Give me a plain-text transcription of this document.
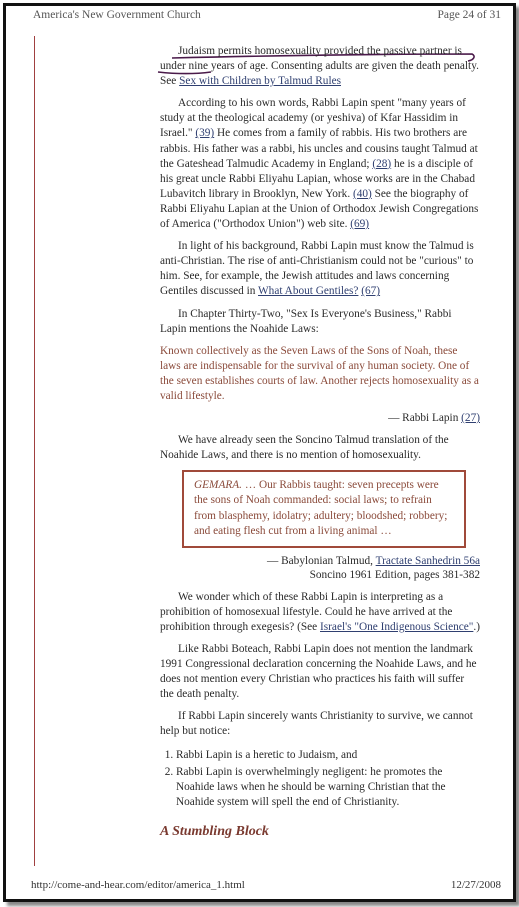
America's New Government Church	Page 24 of 31

Judaism permits homosexuality provided the passive partner is under nine years of age. Consenting adults are given the death penalty. See Sex with Children by Talmud Rules

According to his own words, Rabbi Lapin spent "many years of study at the theological academy (or yeshiva) of Kfar Hassidim in Israel." (39) He comes from a family of rabbis. His two brothers are rabbis. His father was a rabbi, his uncles and cousins taught Talmud at the Gateshead Talmudic Academy in England; (28) he is a disciple of his great uncle Rabbi Eliyahu Lapian, whose works are in the Chabad Lubavitch library in Brooklyn, New York. (40) See the biography of Rabbi Eliyahu Lapian at the Union of Orthodox Jewish Congregations of America ("Orthodox Union") web site. (69)

In light of his background, Rabbi Lapin must know the Talmud is anti-Christian. The rise of anti-Christianism could not be "curious" to him. See, for example, the Jewish attitudes and laws concerning Gentiles discussed in What About Gentiles? (67)

In Chapter Thirty-Two, "Sex Is Everyone's Business," Rabbi Lapin mentions the Noahide Laws:

Known collectively as the Seven Laws of the Sons of Noah, these laws are indispensable for the survival of any human society. One of the seven establishes courts of law. Another rejects homosexuality as a valid lifestyle.

— Rabbi Lapin (27)

We have already seen the Soncino Talmud translation of the Noahide Laws, and there is no mention of homosexuality.

GEMARA. … Our Rabbis taught: seven precepts were the sons of Noah commanded: social laws; to refrain from blasphemy, idolatry; adultery; bloodshed; robbery; and eating flesh cut from a living animal …
— Babylonian Talmud, Tractate Sanhedrin 56a
Soncino 1961 Edition, pages 381-382

We wonder which of these Rabbi Lapin is interpreting as a prohibition of homosexual lifestyle. Could he have arrived at the prohibition through exegesis? (See Israel's "One Indigenous Science".)

Like Rabbi Boteach, Rabbi Lapin does not mention the landmark 1991 Congressional declaration concerning the Noahide Laws, and he does not mention every Christian who practices his faith will suffer the death penalty.

If Rabbi Lapin sincerely wants Christianity to survive, we cannot help but notice:

1. Rabbi Lapin is a heretic to Judaism, and
2. Rabbi Lapin is overwhelmingly negligent: he promotes the Noahide laws when he should be warning Christian that the Noahide system will spell the end of Christianity.
A Stumbling Block
http://come-and-hear.com/editor/america_1.html	12/27/2008
